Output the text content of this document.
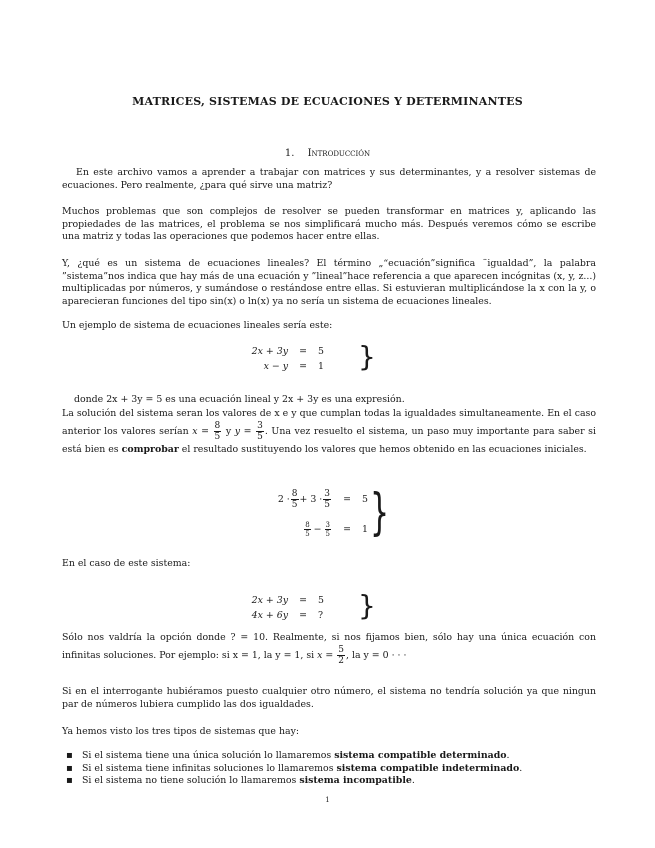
MATRICES, SISTEMAS DE ECUACIONES Y DETERMINANTES
1. Introducción
En este archivo vamos a aprender a trabajar con matrices y sus determinantes, y a resolver sistemas de ecuaciones. Pero realmente, ¿para qué sirve una matriz?
Muchos problemas que son complejos de resolver se pueden transformar en matrices y, aplicando las propiedades de las matrices, el problema se nos simplificará mucho más. Después veremos cómo se escribe una matriz y todas las operaciones que podemos hacer entre ellas.
Y, ¿qué es un sistema de ecuaciones lineales? El término „“ecuación”significa ¨igualdad”, la palabra ”sistema”nos indica que hay más de una ecuación y ”lineal”hace referencia a que aparecen incógnitas (x, y, z...) multiplicadas por números, y sumándose o restándose entre ellas. Si estuvieran multiplicándose la x con la y, o aparecieran funciones del tipo sin(x) o ln(x) ya no sería un sistema de ecuaciones lineales.
Un ejemplo de sistema de ecuaciones lineales sería este:
2x + 3y	=	5
x − y	=	1 }
donde 2x + 3y = 5 es una ecuación lineal y 2x + 3y es una expresión.
La solución del sistema seran los valores de x e y que cumplan todas la igualdades simultaneamente. En el caso anterior los valores serían $x = \frac{8}{5}$ y $y = \frac{3}{5}$ . Una vez resuelto el sistema, un paso muy importante para saber si está bien es comprobar el resultado sustituyendo los valores que hemos obtenido en las ecuaciones iniciales.
$2 \cdot \frac{8}{5} + 3 \cdot \frac{3}{5}$	=	5
$\frac{8}{5} - \frac{3}{5}$	=	1 }
En el caso de este sistema:
2x + 3y	=	5
4x + 6y	=	?	}
Sólo nos valdría la opción donde ? = 10. Realmente, si nos fijamos bien, sólo hay una única ecuación con infinitas soluciones. Por ejemplo: si x = 1, la y = 1, si $x = \frac{5}{2}$ , la y = 0 · · ·
Si en el interrogante hubiéramos puesto cualquier otro número, el sistema no tendría solución ya que ningun par de números lubiera cumplido las dos igualdades.
Ya hemos visto los tres tipos de sistemas que hay:
▪ Si el sistema tiene una única solución lo llamaremos sistema compatible determinado.
▪ Si el sistema tiene infinitas soluciones lo llamaremos sistema compatible indeterminado.
▪ Si el sistema no tiene solución lo llamaremos sistema incompatible.
1
